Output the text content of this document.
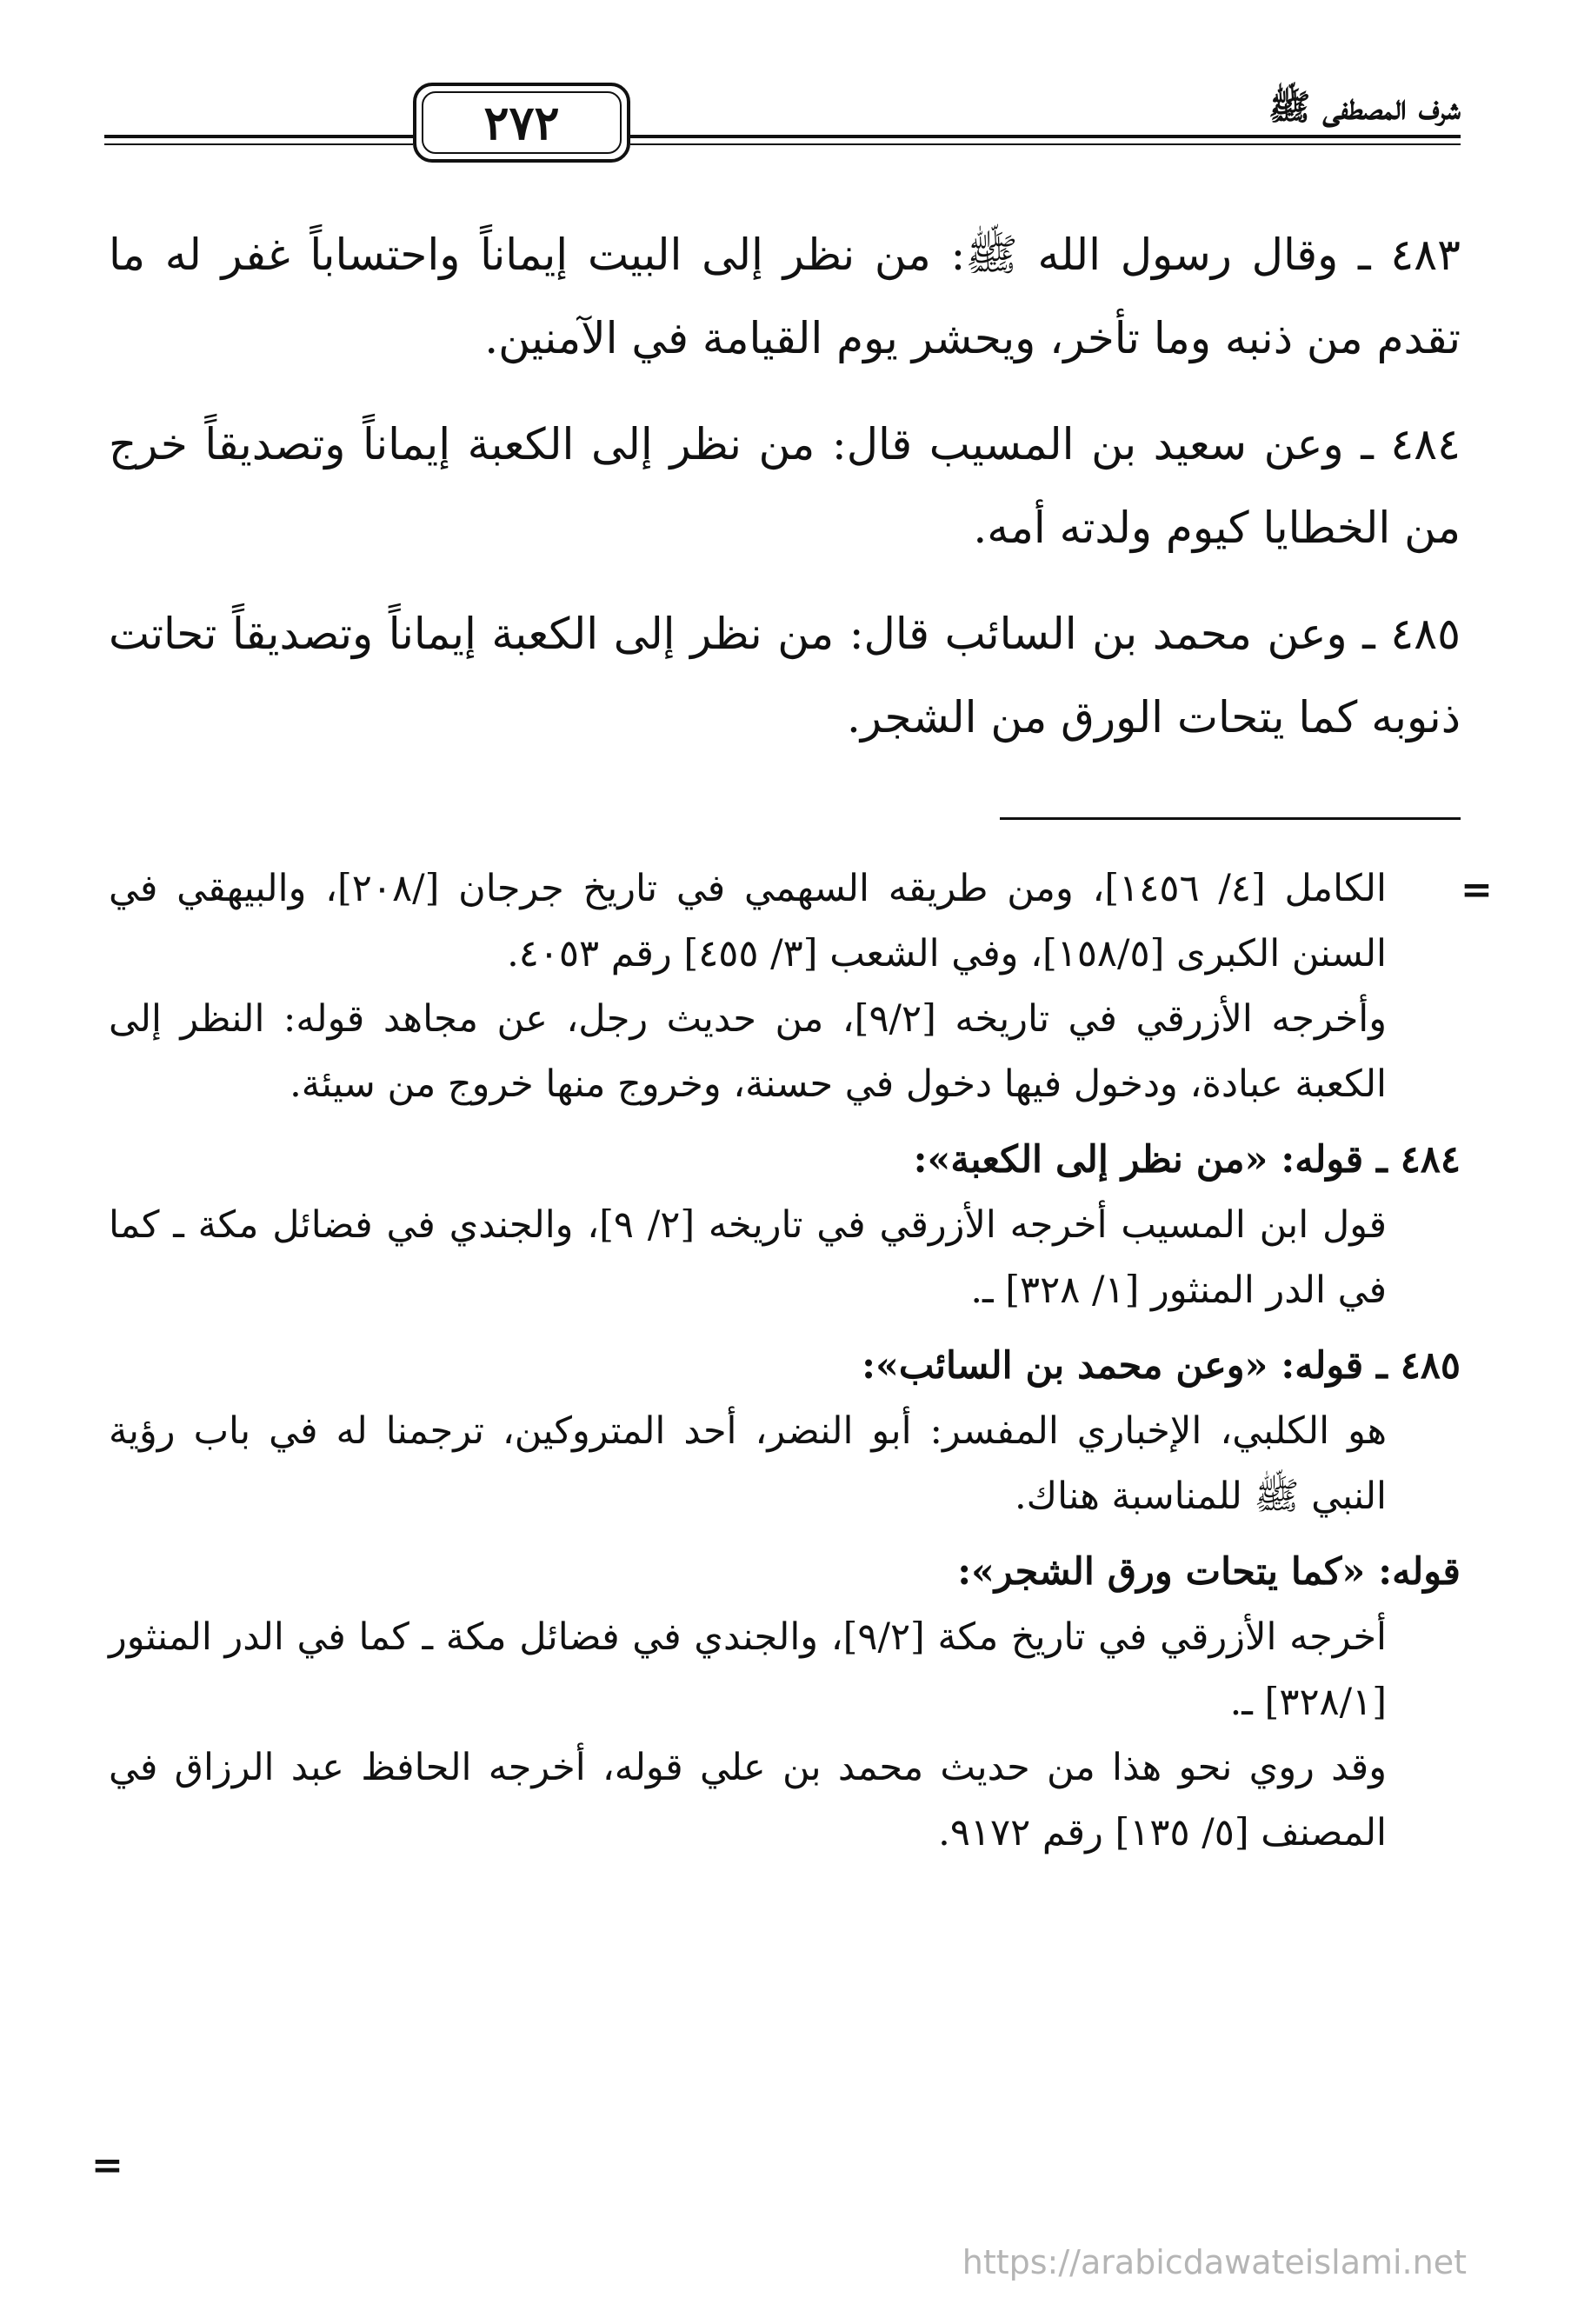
٢٧٢	شرف المصطفى ﷺ

٤٨٣ ـ وقال رسول الله ﷺ: من نظر إلى البيت إيماناً واحتساباً غفر له ما تقدم من ذنبه وما تأخر، ويحشر يوم القيامة في الآمنين.

٤٨٤ ـ وعن سعيد بن المسيب قال: من نظر إلى الكعبة إيماناً وتصديقاً خرج من الخطايا كيوم ولدته أمه.

٤٨٥ ـ وعن محمد بن السائب قال: من نظر إلى الكعبة إيماناً وتصديقاً تحاتت ذنوبه كما يتحات الورق من الشجر.

=

الكامل [٤/ ١٤٥٦]، ومن طريقه السهمي في تاريخ جرجان [/٢٠٨]، والبيهقي في السنن الكبرى [١٥٨/٥]، وفي الشعب [٣/ ٤٥٥] رقم ٤٠٥٣.

وأخرجه الأزرقي في تاريخه [٩/٢]، من حديث رجل، عن مجاهد قوله: النظر إلى الكعبة عبادة، ودخول فيها دخول في حسنة، وخروج منها خروج من سيئة.

٤٨٤ ـ قوله: «من نظر إلى الكعبة»:

قول ابن المسيب أخرجه الأزرقي في تاريخه [٢/ ٩]، والجندي في فضائل مكة ـ كما في الدر المنثور [١/ ٣٢٨] ـ.

٤٨٥ ـ قوله: «وعن محمد بن السائب»:

هو الكلبي، الإخباري المفسر: أبو النضر، أحد المتروكين، ترجمنا له في باب رؤية النبي ﷺ للمناسبة هناك.

قوله: «كما يتحات ورق الشجر»:

أخرجه الأزرقي في تاريخ مكة [٩/٢]، والجندي في فضائل مكة ـ كما في الدر المنثور [٣٢٨/١] ـ.

وقد روي نحو هذا من حديث محمد بن علي قوله، أخرجه الحافظ عبد الرزاق في المصنف [٥/ ١٣٥] رقم ٩١٧٢.

=
https://arabicdawateislami.net
